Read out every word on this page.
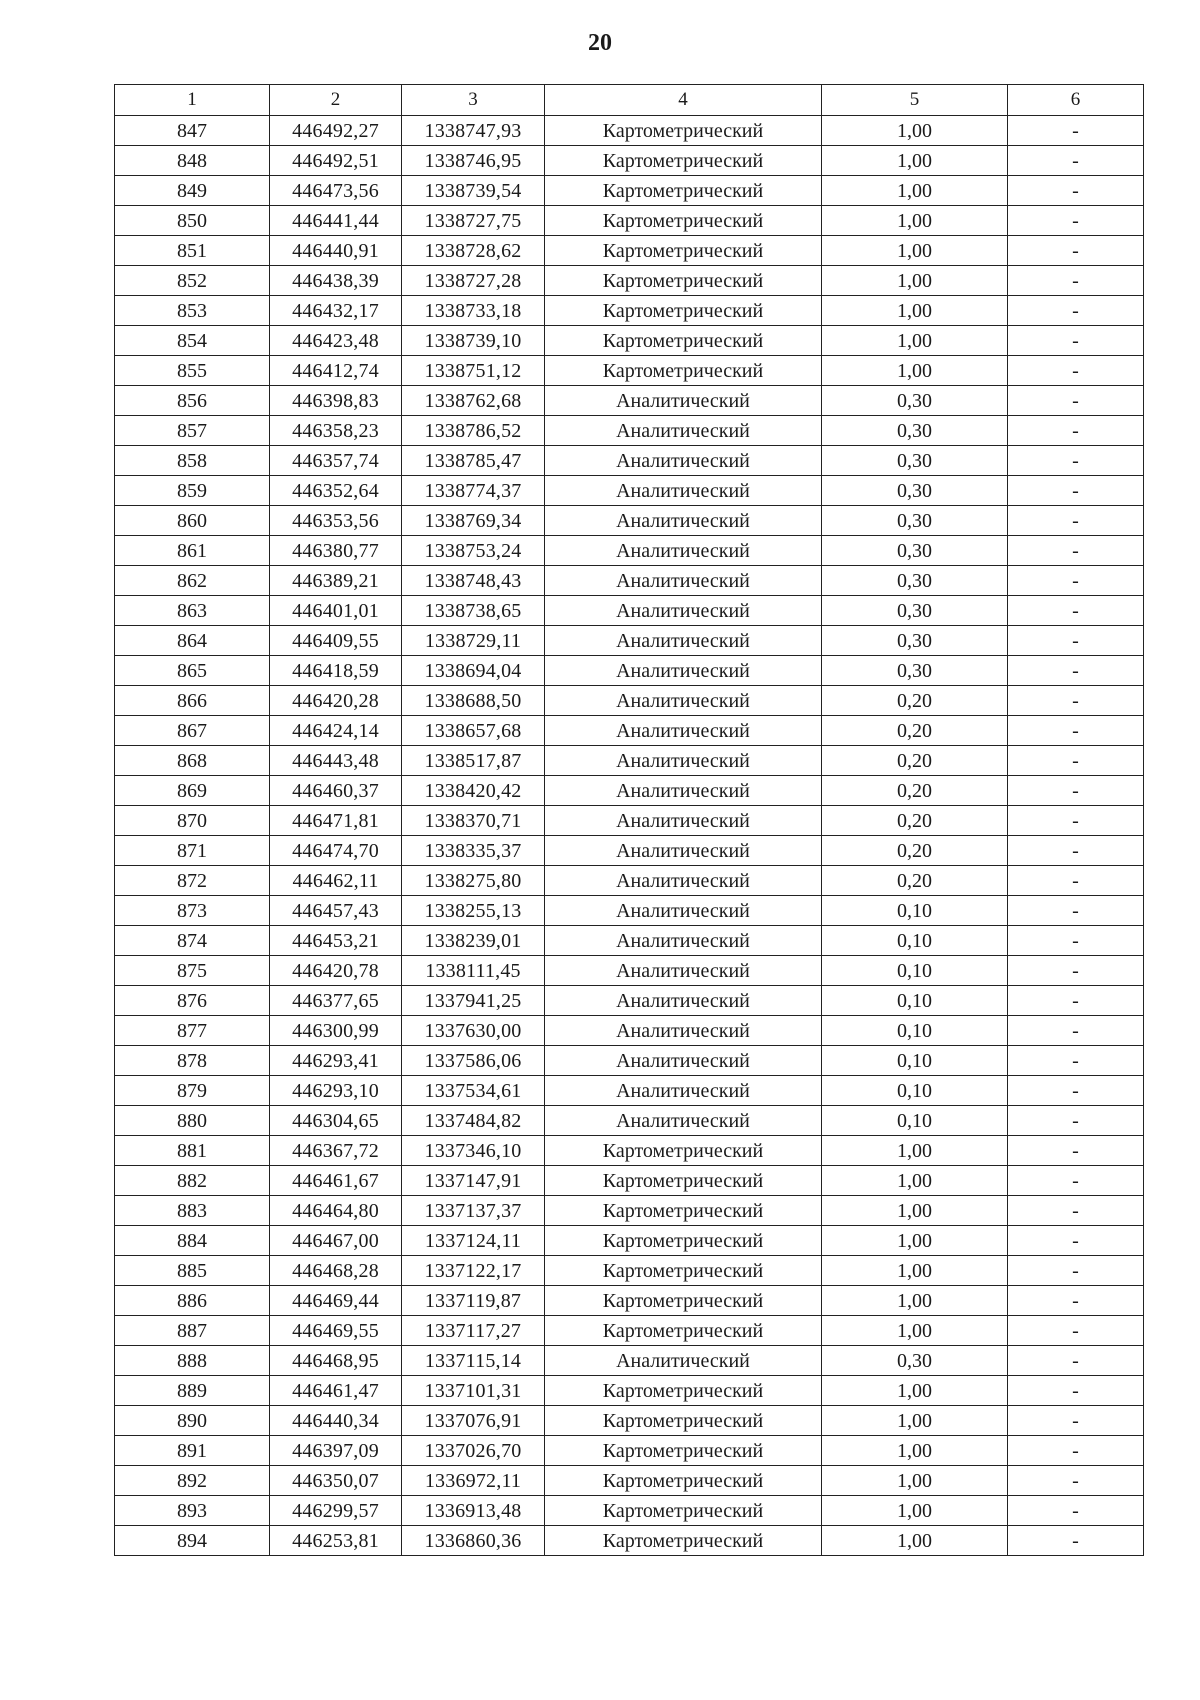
20
1	2	3	4	5	6
847	446492,27	1338747,93	Картометрический	1,00	-
848	446492,51	1338746,95	Картометрический	1,00	-
849	446473,56	1338739,54	Картометрический	1,00	-
850	446441,44	1338727,75	Картометрический	1,00	-
851	446440,91	1338728,62	Картометрический	1,00	-
852	446438,39	1338727,28	Картометрический	1,00	-
853	446432,17	1338733,18	Картометрический	1,00	-
854	446423,48	1338739,10	Картометрический	1,00	-
855	446412,74	1338751,12	Картометрический	1,00	-
856	446398,83	1338762,68	Аналитический	0,30	-
857	446358,23	1338786,52	Аналитический	0,30	-
858	446357,74	1338785,47	Аналитический	0,30	-
859	446352,64	1338774,37	Аналитический	0,30	-
860	446353,56	1338769,34	Аналитический	0,30	-
861	446380,77	1338753,24	Аналитический	0,30	-
862	446389,21	1338748,43	Аналитический	0,30	-
863	446401,01	1338738,65	Аналитический	0,30	-
864	446409,55	1338729,11	Аналитический	0,30	-
865	446418,59	1338694,04	Аналитический	0,30	-
866	446420,28	1338688,50	Аналитический	0,20	-
867	446424,14	1338657,68	Аналитический	0,20	-
868	446443,48	1338517,87	Аналитический	0,20	-
869	446460,37	1338420,42	Аналитический	0,20	-
870	446471,81	1338370,71	Аналитический	0,20	-
871	446474,70	1338335,37	Аналитический	0,20	-
872	446462,11	1338275,80	Аналитический	0,20	-
873	446457,43	1338255,13	Аналитический	0,10	-
874	446453,21	1338239,01	Аналитический	0,10	-
875	446420,78	1338111,45	Аналитический	0,10	-
876	446377,65	1337941,25	Аналитический	0,10	-
877	446300,99	1337630,00	Аналитический	0,10	-
878	446293,41	1337586,06	Аналитический	0,10	-
879	446293,10	1337534,61	Аналитический	0,10	-
880	446304,65	1337484,82	Аналитический	0,10	-
881	446367,72	1337346,10	Картометрический	1,00	-
882	446461,67	1337147,91	Картометрический	1,00	-
883	446464,80	1337137,37	Картометрический	1,00	-
884	446467,00	1337124,11	Картометрический	1,00	-
885	446468,28	1337122,17	Картометрический	1,00	-
886	446469,44	1337119,87	Картометрический	1,00	-
887	446469,55	1337117,27	Картометрический	1,00	-
888	446468,95	1337115,14	Аналитический	0,30	-
889	446461,47	1337101,31	Картометрический	1,00	-
890	446440,34	1337076,91	Картометрический	1,00	-
891	446397,09	1337026,70	Картометрический	1,00	-
892	446350,07	1336972,11	Картометрический	1,00	-
893	446299,57	1336913,48	Картометрический	1,00	-
894	446253,81	1336860,36	Картометрический	1,00	-
